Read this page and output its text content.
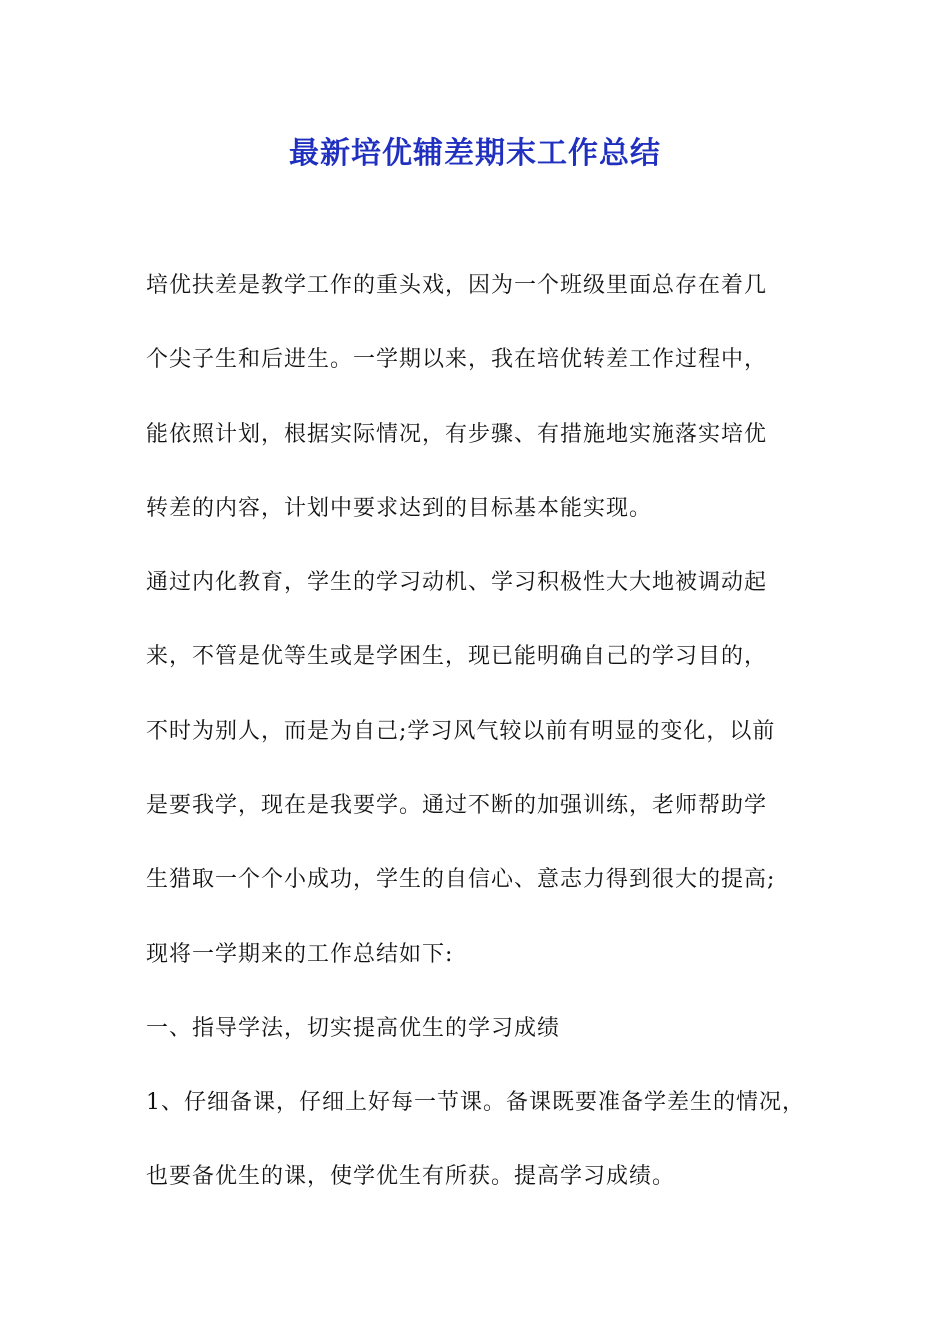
最新培优辅差期末工作总结
培优扶差是教学工作的重头戏，因为一个班级里面总存在着几
个尖子生和后进生。一学期以来，我在培优转差工作过程中，
能依照计划，根据实际情况，有步骤、有措施地实施落实培优
转差的内容，计划中要求达到的目标基本能实现。
通过内化教育，学生的学习动机、学习积极性大大地被调动起
来，不管是优等生或是学困生，现已能明确自己的学习目的，
不时为别人，而是为自己;学习风气较以前有明显的变化，以前
是要我学，现在是我要学。通过不断的加强训练，老师帮助学
生猎取一个个小成功，学生的自信心、意志力得到很大的提高;
现将一学期来的工作总结如下:
一、指导学法，切实提高优生的学习成绩
1、仔细备课，仔细上好每一节课。备课既要准备学差生的情况，
也要备优生的课，使学优生有所获。提高学习成绩。
